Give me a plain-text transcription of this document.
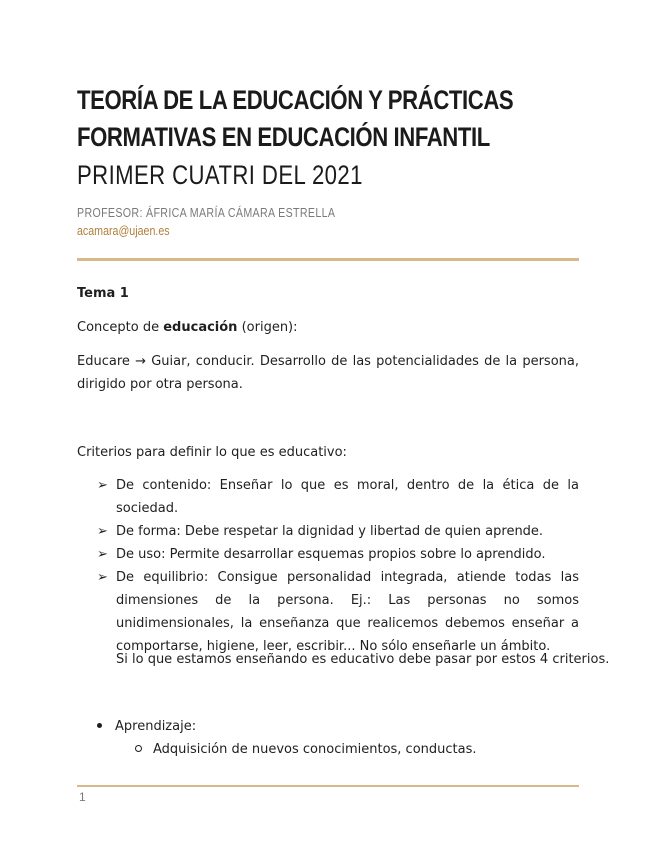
TEORÍA DE LA EDUCACIÓN Y PRÁCTICAS
FORMATIVAS EN EDUCACIÓN INFANTIL
PRIMER CUATRI DEL 2021
PROFESOR: ÁFRICA MARÍA CÁMARA ESTRELLA
acamara@ujaen.es
Tema 1
Concepto de educación (origen):
Educare → Guiar, conducir. Desarrollo de las potencialidades de la persona, dirigido por otra persona.
Criterios para definir lo que es educativo:
➢ De contenido: Enseñar lo que es moral, dentro de la ética de la sociedad.
➢ De forma: Debe respetar la dignidad y libertad de quien aprende.
➢ De uso: Permite desarrollar esquemas propios sobre lo aprendido.
➢ De equilibrio: Consigue personalidad integrada, atiende todas las dimensiones de la persona. Ej.: Las personas no somos unidimensionales, la enseñanza que realicemos debemos enseñar a comportarse, higiene, leer, escribir... No sólo enseñarle un ámbito.
Si lo que estamos enseñando es educativo debe pasar por estos 4 criterios.
Aprendizaje:
Adquisición de nuevos conocimientos, conductas.
1
